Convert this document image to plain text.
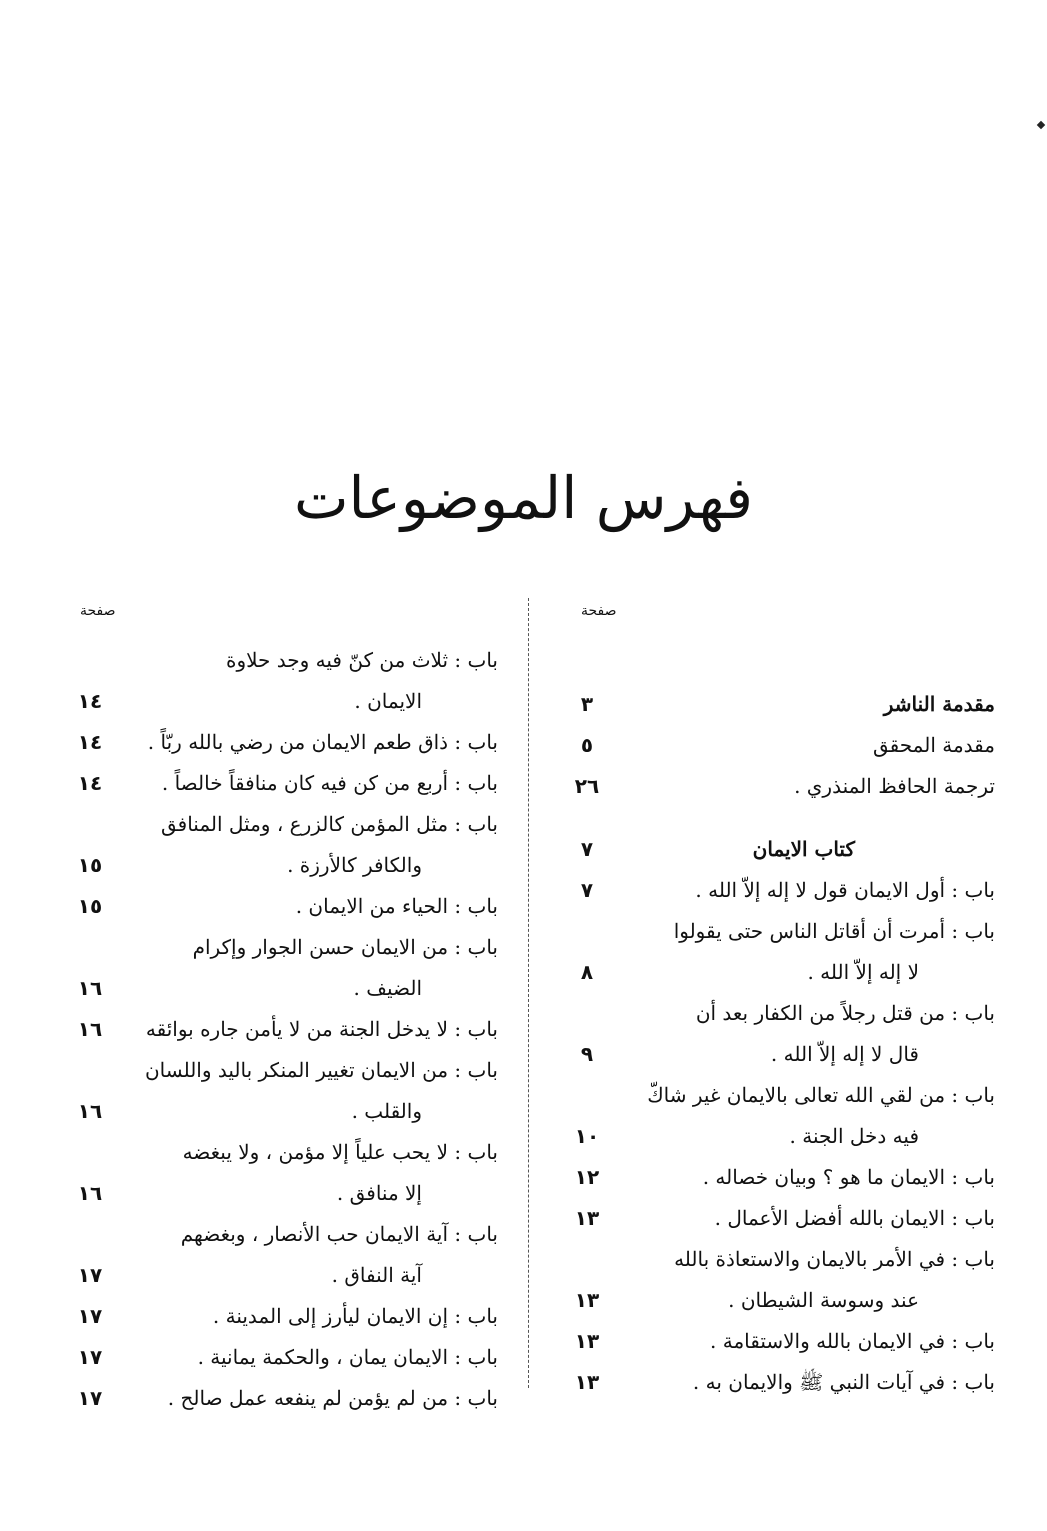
فهرس الموضوعات
صفحة
صفحة
مقدمة الناشر
٣
مقدمة المحقق
٥
ترجمة الحافظ المنذري .
٢٦
كتاب الايمان
٧
باب : أول الايمان قول لا إله إلاّ الله .
٧
باب : أمرت أن أقاتل الناس حتى يقولوا
لا إله إلاّ الله .
٨
باب : من قتل رجلاً من الكفار بعد أن
قال لا إله إلاّ الله .
٩
باب : من لقي الله تعالى بالايمان غير شاكّ
فيه دخل الجنة .
١٠
باب : الايمان ما هو ؟ وبيان خصاله .
١٢
باب : الايمان بالله أفضل الأعمال .
١٣
باب : في الأمر بالايمان والاستعاذة بالله
عند وسوسة الشيطان .
١٣
باب : في الايمان بالله والاستقامة .
١٣
باب : في آيات النبي ﷺ والايمان به .
١٣
باب : ثلاث من كنّ فيه وجد حلاوة
الايمان .
١٤
باب : ذاق طعم الايمان من رضي بالله ربّاً .
١٤
باب : أربع من كن فيه كان منافقاً خالصاً .
١٤
باب : مثل المؤمن كالزرع ، ومثل المنافق
والكافر كالأرزة .
١٥
باب : الحياء من الايمان .
١٥
باب : من الايمان حسن الجوار وإكرام
الضيف .
١٦
باب : لا يدخل الجنة من لا يأمن جاره بوائقه
١٦
باب : من الايمان تغيير المنكر باليد واللسان
والقلب .
١٦
باب : لا يحب علياً إلا مؤمن ، ولا يبغضه
إلا منافق .
١٦
باب : آية الايمان حب الأنصار ، وبغضهم
آية النفاق .
١٧
باب : إن الايمان ليأرز إلى المدينة .
١٧
باب : الايمان يمان ، والحكمة يمانية .
١٧
باب : من لم يؤمن لم ينفعه عمل صالح .
١٧
